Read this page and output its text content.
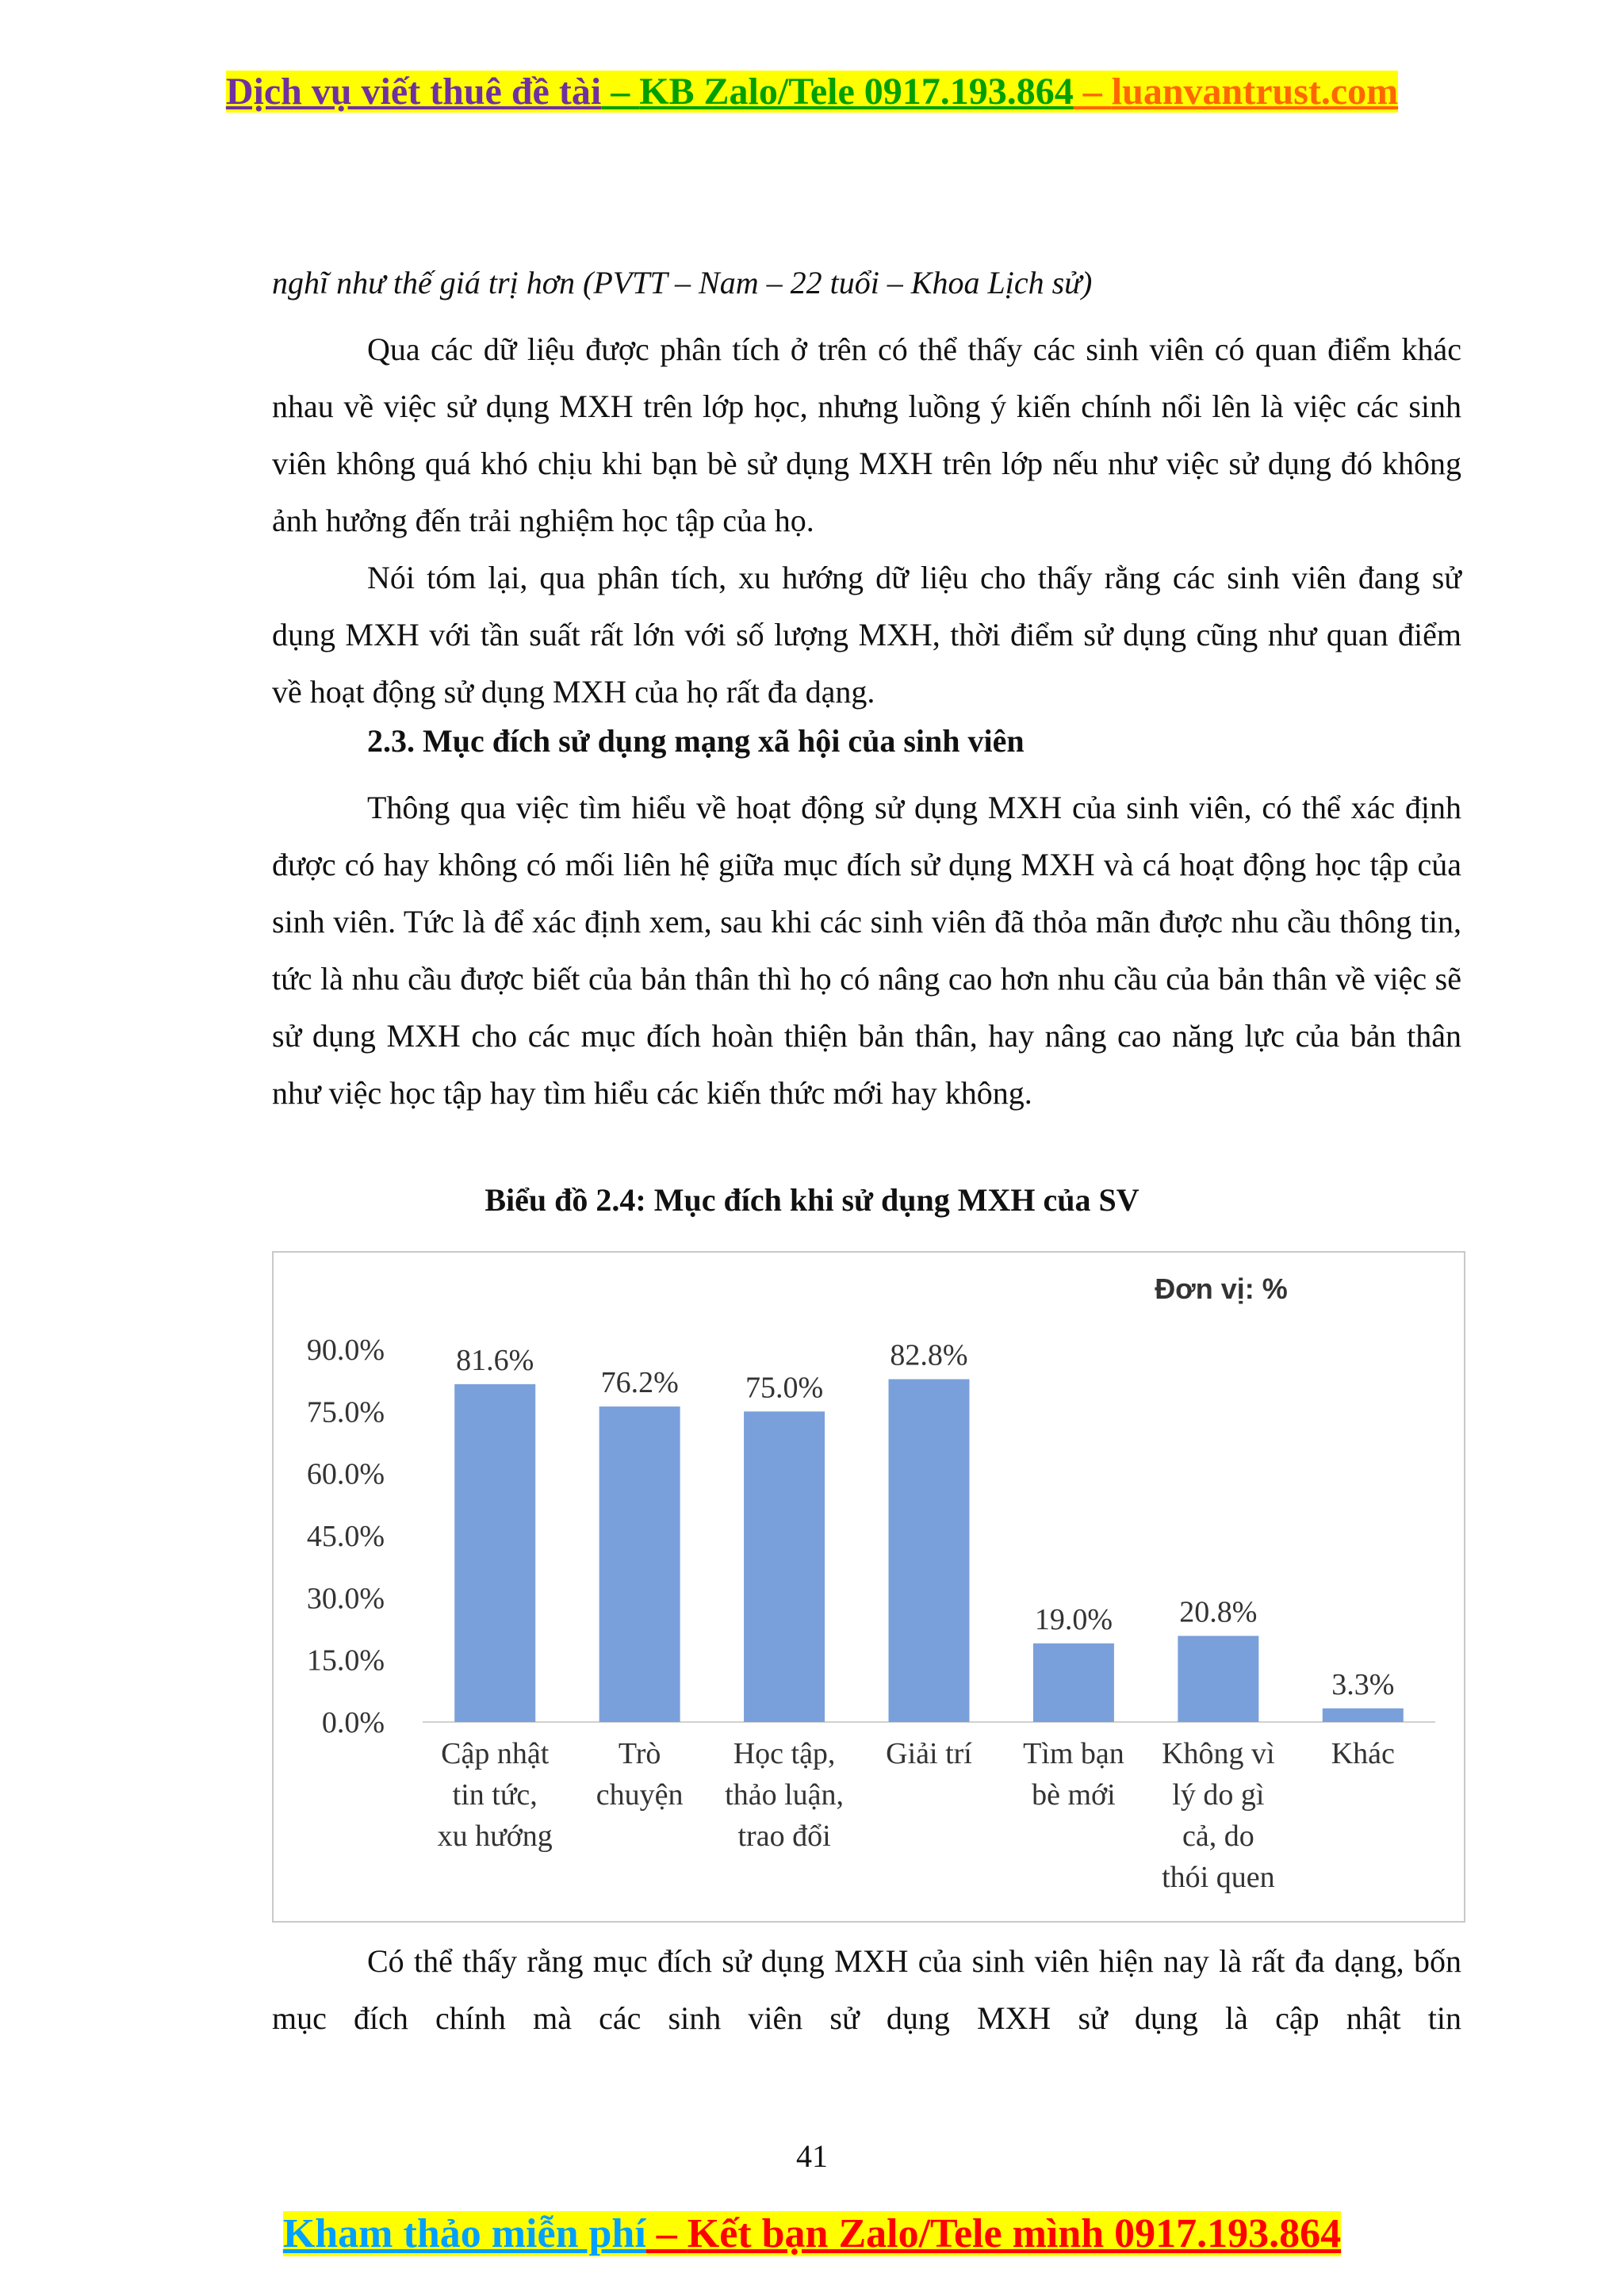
Dịch vụ viết thuê đề tài – KB Zalo/Tele 0917.193.864 – luanvantrust.com

nghĩ như thế giá trị hơn (PVTT – Nam – 22 tuổi – Khoa Lịch sử)

Qua các dữ liệu được phân tích ở trên có thể thấy các sinh viên có quan điểm khác nhau về việc sử dụng MXH trên lớp học, nhưng luồng ý kiến chính nổi lên là việc các sinh viên không quá khó chịu khi bạn bè sử dụng MXH trên lớp nếu như việc sử dụng đó không ảnh hưởng đến trải nghiệm học tập của họ.

Nói tóm lại, qua phân tích, xu hướng dữ liệu cho thấy rằng các sinh viên đang sử dụng MXH với tần suất rất lớn với số lượng MXH, thời điểm sử dụng cũng như quan điểm về hoạt động sử dụng MXH của họ rất đa dạng.

2.3. Mục đích sử dụng mạng xã hội của sinh viên

Thông qua việc tìm hiểu về hoạt động sử dụng MXH của sinh viên, có thể xác định được có hay không có mối liên hệ giữa mục đích sử dụng MXH và cá hoạt động học tập của sinh viên. Tức là để xác định xem, sau khi các sinh viên đã thỏa mãn được nhu cầu thông tin, tức là nhu cầu được biết của bản thân thì họ có nâng cao hơn nhu cầu của bản thân về việc sẽ sử dụng MXH cho các mục đích hoàn thiện bản thân, hay nâng cao năng lực của bản thân như việc học tập hay tìm hiểu các kiến thức mới hay không.

Biểu đồ 2.4: Mục đích khi sử dụng MXH của SV
Đơn vị: %
0.0%
15.0%
30.0%
45.0%
60.0%
75.0%
90.0% 81.6%
Cập nhật
tin tức,
xu hướng
76.2%
Trò
chuyện
75.0%
Học tập,
thảo luận,
trao đổi
82.8%
Giải trí
19.0%
Tìm bạn
bè mới
20.8%
Không vì
lý do gì
cả, do
thói quen
3.3%
Khác

Có thể thấy rằng mục đích sử dụng MXH của sinh viên hiện nay là rất đa dạng, bốn mục đích chính mà các sinh viên sử dụng MXH sử dụng là cập nhật tin

41
Kham thảo miễn phí – Kết bạn Zalo/Tele mình 0917.193.864
